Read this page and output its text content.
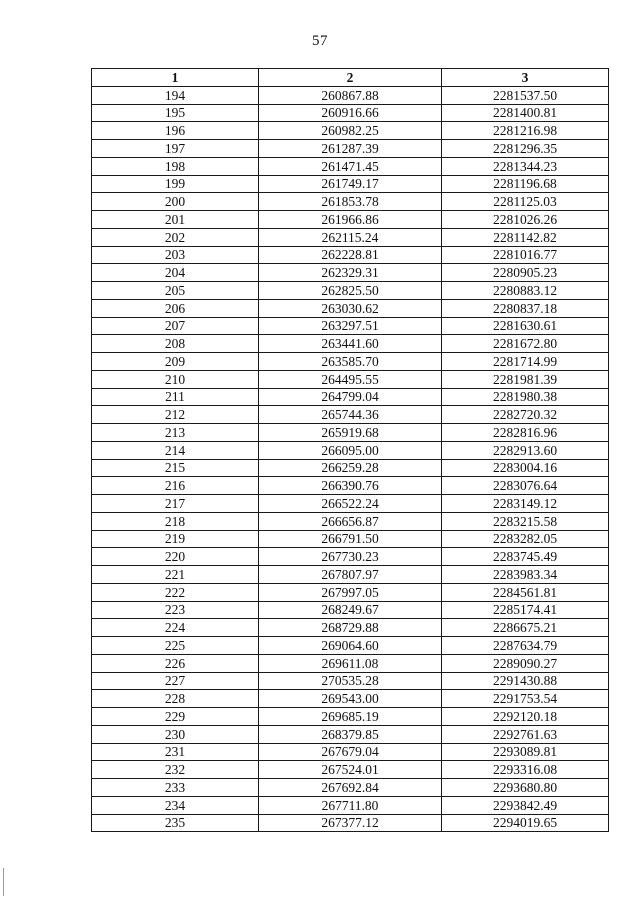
57
1	2	3
194	260867.88	2281537.50
195	260916.66	2281400.81
196	260982.25	2281216.98
197	261287.39	2281296.35
198	261471.45	2281344.23
199	261749.17	2281196.68
200	261853.78	2281125.03
201	261966.86	2281026.26
202	262115.24	2281142.82
203	262228.81	2281016.77
204	262329.31	2280905.23
205	262825.50	2280883.12
206	263030.62	2280837.18
207	263297.51	2281630.61
208	263441.60	2281672.80
209	263585.70	2281714.99
210	264495.55	2281981.39
211	264799.04	2281980.38
212	265744.36	2282720.32
213	265919.68	2282816.96
214	266095.00	2282913.60
215	266259.28	2283004.16
216	266390.76	2283076.64
217	266522.24	2283149.12
218	266656.87	2283215.58
219	266791.50	2283282.05
220	267730.23	2283745.49
221	267807.97	2283983.34
222	267997.05	2284561.81
223	268249.67	2285174.41
224	268729.88	2286675.21
225	269064.60	2287634.79
226	269611.08	2289090.27
227	270535.28	2291430.88
228	269543.00	2291753.54
229	269685.19	2292120.18
230	268379.85	2292761.63
231	267679.04	2293089.81
232	267524.01	2293316.08
233	267692.84	2293680.80
234	267711.80	2293842.49
235	267377.12	2294019.65
